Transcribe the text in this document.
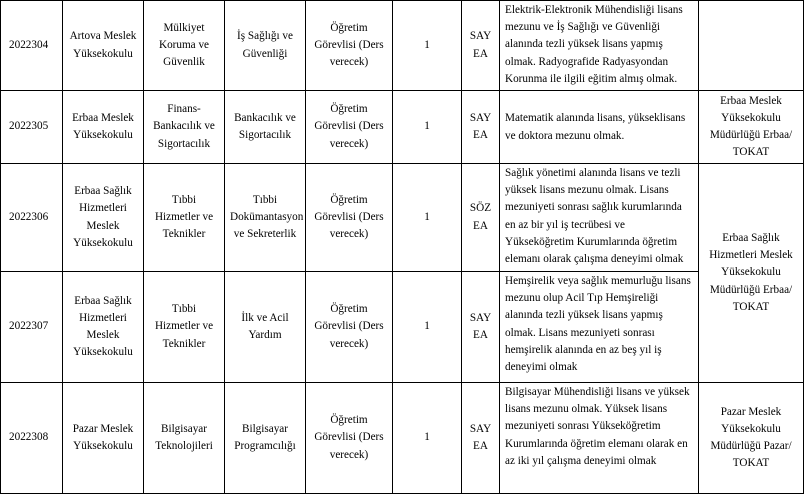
2022304	Artova Meslek Yüksekokulu	Mülkiyet Koruma ve Güvenlik	İş Sağlığı ve Güvenliği	Öğretim Görevlisi (Ders verecek)	1	SAY EA	Elektrik-Elektronik Mühendisliği lisans mezunu ve İş Sağlığı ve Güvenliği alanında tezli yüksek lisans yapmış olmak. Radyografide Radyasyondan Korunma ile ilgili eğitim almış olmak.	
2022305	Erbaa Meslek Yüksekokulu	Finans-Bankacılık ve Sigortacılık	Bankacılık ve Sigortacılık	Öğretim Görevlisi (Ders verecek)	1	SAY EA	Matematik alanında lisans, yükseklisans ve doktora mezunu olmak.	Erbaa Meslek Yüksekokulu Müdürlüğü Erbaa/ TOKAT
2022306	Erbaa Sağlık Hizmetleri Meslek Yüksekokulu	Tıbbi Hizmetler ve Teknikler	Tıbbi Dokümantasyon ve Sekreterlik	Öğretim Görevlisi (Ders verecek)	1	SÖZ EA	Sağlık yönetimi alanında lisans ve tezli yüksek lisans mezunu olmak. Lisans mezuniyeti sonrası sağlık kurumlarında en az bir yıl iş tecrübesi ve Yükseköğretim Kurumlarında öğretim elemanı olarak çalışma deneyimi olmak	Erbaa Sağlık Hizmetleri Meslek Yüksekokulu Müdürlüğü Erbaa/ TOKAT
2022307	Erbaa Sağlık Hizmetleri Meslek Yüksekokulu	Tıbbi Hizmetler ve Teknikler	İlk ve Acil Yardım	Öğretim Görevlisi (Ders verecek)	1	SAY EA	Hemşirelik veya sağlık memurluğu lisans mezunu olup Acil Tıp Hemşireliği alanında tezli yüksek lisans yapmış olmak. Lisans mezuniyeti sonrası hemşirelik alanında en az beş yıl iş deneyimi olmak	
2022308	Pazar Meslek Yüksekokulu	Bilgisayar Teknolojileri	Bilgisayar Programcılığı	Öğretim Görevlisi (Ders verecek)	1	SAY EA	Bilgisayar Mühendisliği lisans ve yüksek lisans mezunu olmak. Yüksek lisans mezuniyeti sonrası Yükseköğretim Kurumlarında öğretim elemanı olarak en az iki yıl çalışma deneyimi olmak	Pazar Meslek Yüksekokulu Müdürlüğü Pazar/ TOKAT
